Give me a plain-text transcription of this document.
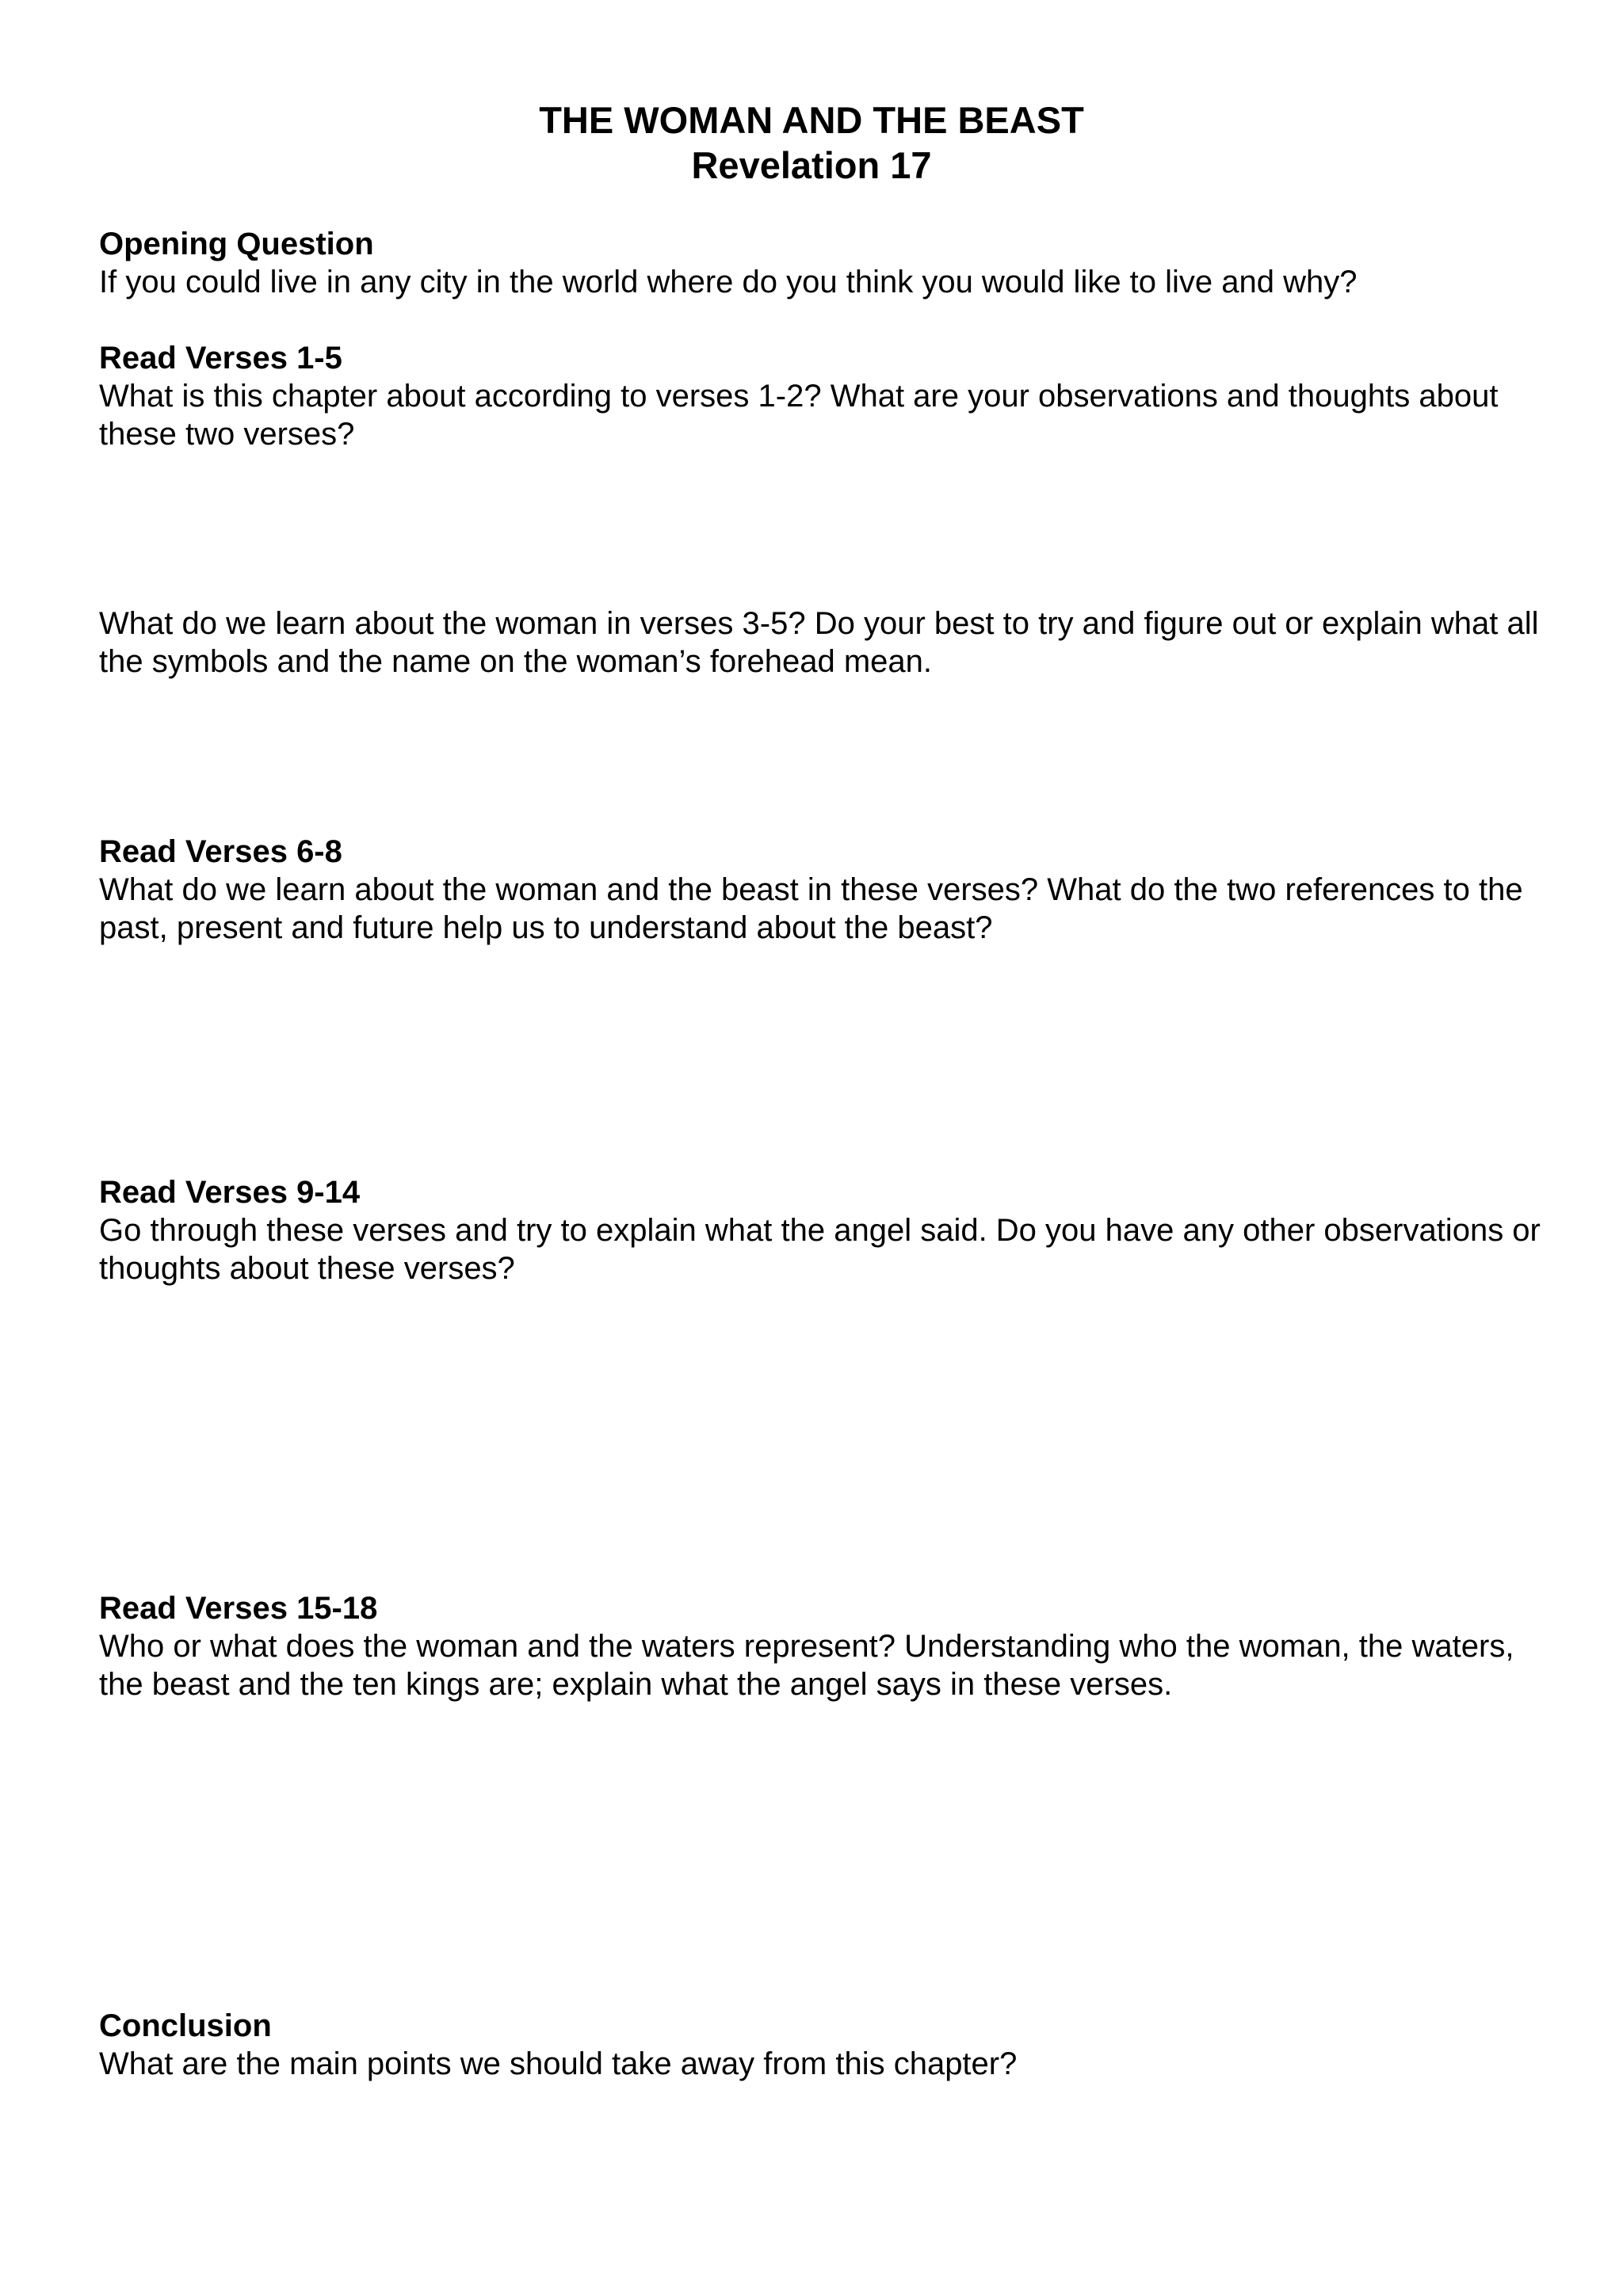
THE WOMAN AND THE BEAST
Revelation 17

Opening Question

If you could live in any city in the world where do you think you would like to live and why?

Read Verses 1-5

What is this chapter about according to verses 1-2? What are your observations and thoughts about these two verses?

What do we learn about the woman in verses 3-5? Do your best to try and figure out or explain what all the symbols and the name on the woman’s forehead mean.

Read Verses 6-8

What do we learn about the woman and the beast in these verses? What do the two references to the past, present and future help us to understand about the beast?

Read Verses 9-14

Go through these verses and try to explain what the angel said. Do you have any other observations or thoughts about these verses?

Read Verses 15-18

Who or what does the woman and the waters represent? Understanding who the woman, the waters, the beast and the ten kings are; explain what the angel says in these verses.

Conclusion

What are the main points we should take away from this chapter?
